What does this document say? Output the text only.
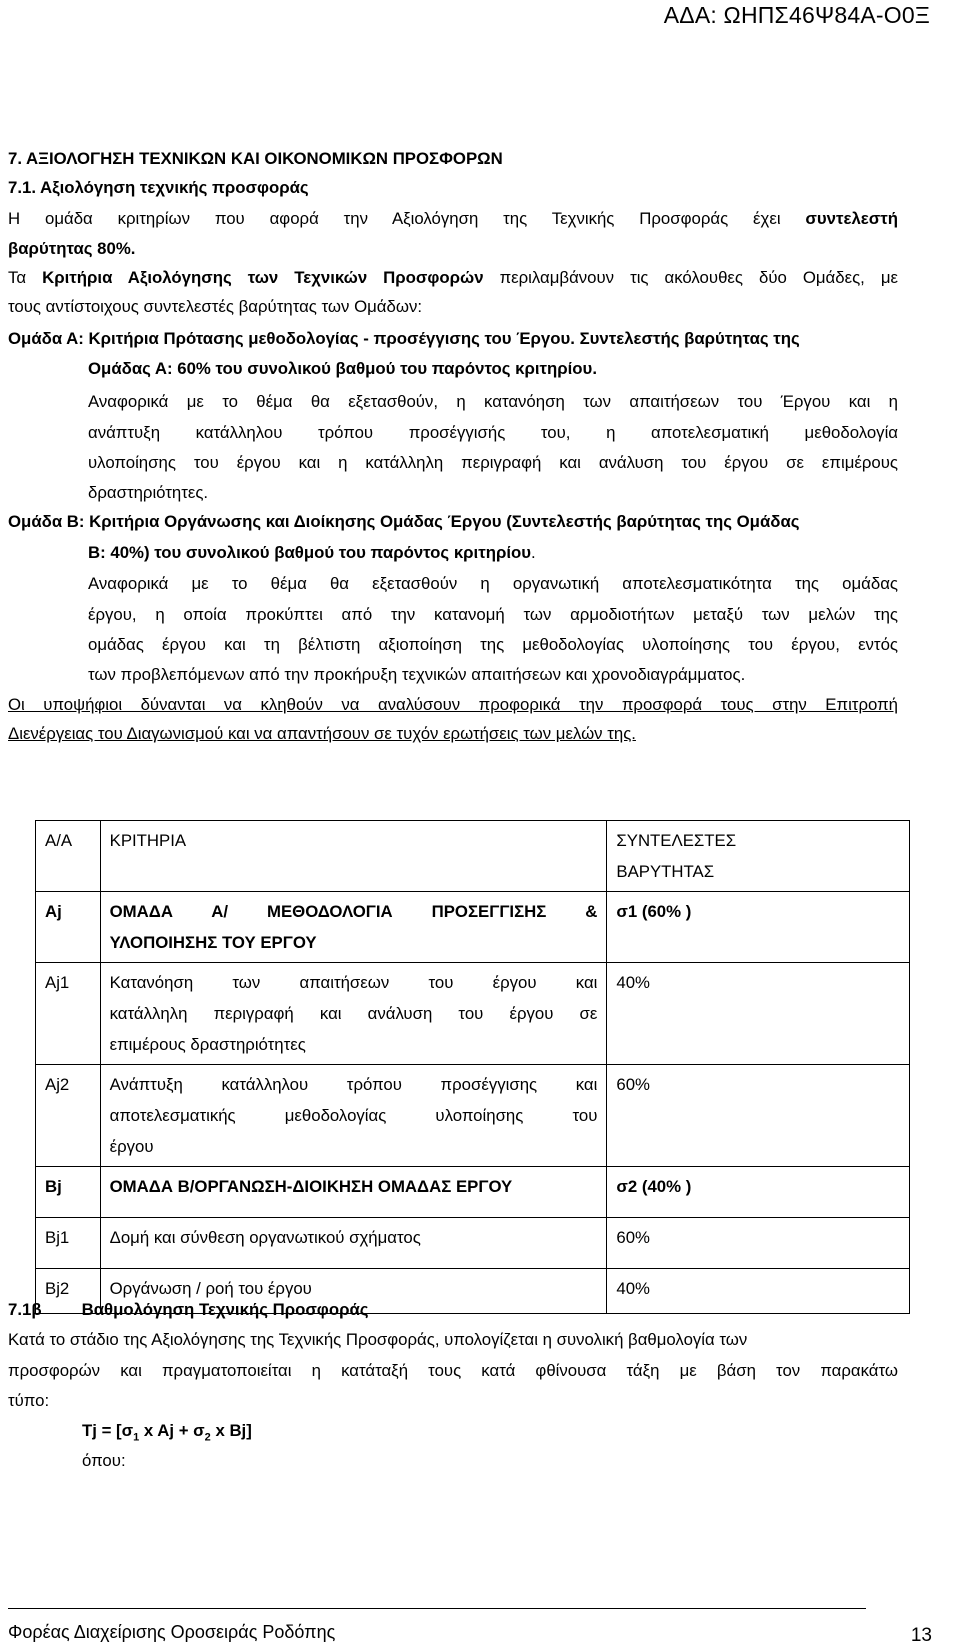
ΑΔΑ: ΩΗΠΣ46Ψ84Α-Ο0Ξ
7. ΑΞΙΟΛΟΓΗΣΗ ΤΕΧΝΙΚΩΝ ΚΑΙ ΟΙΚΟΝΟΜΙΚΩΝ ΠΡΟΣΦΟΡΩΝ
7.1. Αξιολόγηση τεχνικής προσφοράς
Η ομάδα κριτηρίων που αφορά την Αξιολόγηση της Τεχνικής Προσφοράς έχει συντελεστή
βαρύτητας 80%.
Τα Κριτήρια Αξιολόγησης των Τεχνικών Προσφορών περιλαμβάνουν τις ακόλουθες δύο Ομάδες, με
τους αντίστοιχους συντελεστές βαρύτητας των Ομάδων:
Ομάδα Α: Κριτήρια Πρότασης μεθοδολογίας - προσέγγισης του Έργου. Συντελεστής βαρύτητας της
Ομάδας Α: 60% του συνολικού βαθμού του παρόντος κριτηρίου.
Αναφορικά με το θέμα θα εξετασθούν, η κατανόηση των απαιτήσεων του Έργου και η
ανάπτυξη κατάλληλου τρόπου προσέγγισής του, η αποτελεσματική μεθοδολογία
υλοποίησης του έργου και η κατάλληλη περιγραφή και ανάλυση του έργου σε επιμέρους
δραστηριότητες.
Ομάδα Β: Κριτήρια Οργάνωσης και Διοίκησης Ομάδας Έργου (Συντελεστής βαρύτητας της Ομάδας
Β: 40%) του συνολικού βαθμού του παρόντος κριτηρίου.
Αναφορικά με το θέμα θα εξετασθούν η οργανωτική αποτελεσματικότητα της ομάδας
έργου, η οποία προκύπτει από την κατανομή των αρμοδιοτήτων μεταξύ των μελών της
ομάδας έργου και τη βέλτιστη αξιοποίηση της μεθοδολογίας υλοποίησης του έργου, εντός
των προβλεπόμενων από την προκήρυξη τεχνικών απαιτήσεων και χρονοδιαγράμματος.
Οι υποψήφιοι δύνανται να κληθούν να αναλύσουν προφορικά την προσφορά τους στην Επιτροπή
Διενέργειας του Διαγωνισμού και να απαντήσουν σε τυχόν ερωτήσεις των μελών της.
Α/Α	ΚΡΙΤΗΡΙΑ	ΣΥΝΤΕΛΕΣΤΕΣ
ΒΑΡΥΤΗΤΑΣ
Aj	ΟΜΑΔΑ Α/ ΜΕΘΟΔΟΛΟΓΙΑ ΠΡΟΣΕΓΓΙΣΗΣ &
ΥΛΟΠΟΙΗΣΗΣ ΤΟΥ ΕΡΓΟΥ	σ1 (60% )
Aj1	Κατανόηση των απαιτήσεων του έργου και
κατάλληλη περιγραφή και ανάλυση του έργου σε
επιμέρους δραστηριότητες	40%
Aj2	Ανάπτυξη κατάλληλου τρόπου προσέγγισης και
αποτελεσματικής μεθοδολογίας υλοποίησης του
έργου	60%
Bj	ΟΜΑΔΑ Β/ΟΡΓΑΝΩΣΗ-ΔΙΟΙΚΗΣΗ ΟΜΑΔΑΣ ΕΡΓΟΥ	σ2 (40% )
Bj1	Δομή και σύνθεση οργανωτικού σχήματος	60%
Bj2	Οργάνωση / ροή του έργου	40%
7.1β Βαθμολόγηση Τεχνικής Προσφοράς
Κατά το στάδιο της Αξιολόγησης της Τεχνικής Προσφοράς, υπολογίζεται η συνολική βαθμολογία των
προσφορών και πραγματοποιείται η κατάταξή τους κατά φθίνουσα τάξη με βάση τον παρακάτω
τύπο:
$Tj = [\sigma_1$ x $Aj + \sigma_2$ x Bj]
όπου:
Φορέας Διαχείρισης Οροσειράς Ροδόπης	13
